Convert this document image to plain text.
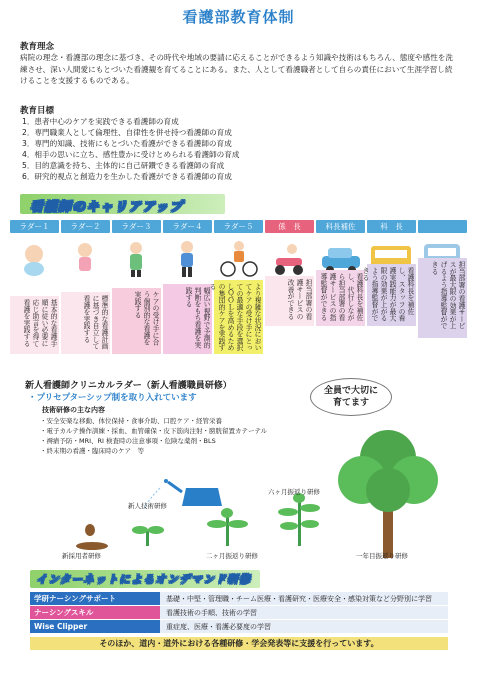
看護部教育体制
教育理念
病院の理念・看護部の理念に基づき、その時代や地域の要請に応えることができるよう知識や技術はもちろん、態度や感性を洗練させ、深い人間愛にもとづいた看護観を育てることにある。また、人として看護職者として自らの責任において生涯学習し続けることを支援するものである。
教育目標
1．患者中心のケアを実践できる看護師の育成
2．専門職業人として倫理性、自律性を併せ持つ看護師の育成
3．専門的知識、技術にもとづいた看護ができる看護師の育成
4．相手の思いに立ち、感性豊かに受けとめられる看護師の育成
5．目的意識を持ち、主体的に自己研鑽できる看護師の育成
6．研究的視点と創造力を生かした看護ができる看護師の育成
看護師のキャリアアップ
ラダー１	ラダー２	ラダー３	ラダー４	ラダー５	係　長	科長補佐	科　長
基本的な看護手順に従い必要に応じ助言を得て看護を実践する	標準的な看護計画に基づき自立して看護を実践する	ケアの受け手に合う個別的な看護を実践する	幅広い視野で予測的判断をもち看護を実践する	より複雑な状況においてケアの受け手にとっての最適な手段を選択しＱＯＬを高めるための集団的ケアを実践する	担当部署の看護サービスの改善ができる	看護科長を補佐し、代行しながら担当部署の看護サービスの指導監督ができる	看護科長を補佐し、スタッフの看護実践能力が最大限の効果が上がるよう指導監督ができる	担当部署の看護サービスが最大限の効果が上げるよう指導監督ができる
新人看護師クリニカルラダー（新人看護職員研修）
・プリセプターシップ制を取り入れています
技術研修の主な内容
・安全安楽な移動、体位保持・食事介助、口腔ケア・経管栄養
・電子カルテ操作訓練・採血、血管確保・皮下筋肉注射・膀胱留置カテーテル
・褥瘡予防・MRI、RI 検査時の注意事項・危険な薬剤・BLS
・終末期の看護・臨床時のケア　等
全員で大切に育てます
新採用者研修
新人技術研修
二ヶ月振返り研修
六ヶ月振返り研修
一年目振返り研修
インターネットによるオンデマンド研修
学研ナーシングサポート	基礎・中堅・管理職・チーム医療・看護研究・医療安全・感染対策など分野別に学習
ナーシングスキル	看護技術の手順、技術の学習
Wise Clipper	重症度、医療・看護必要度の学習
そのほか、道内・道外における各種研修・学会発表等に支援を行っています。
